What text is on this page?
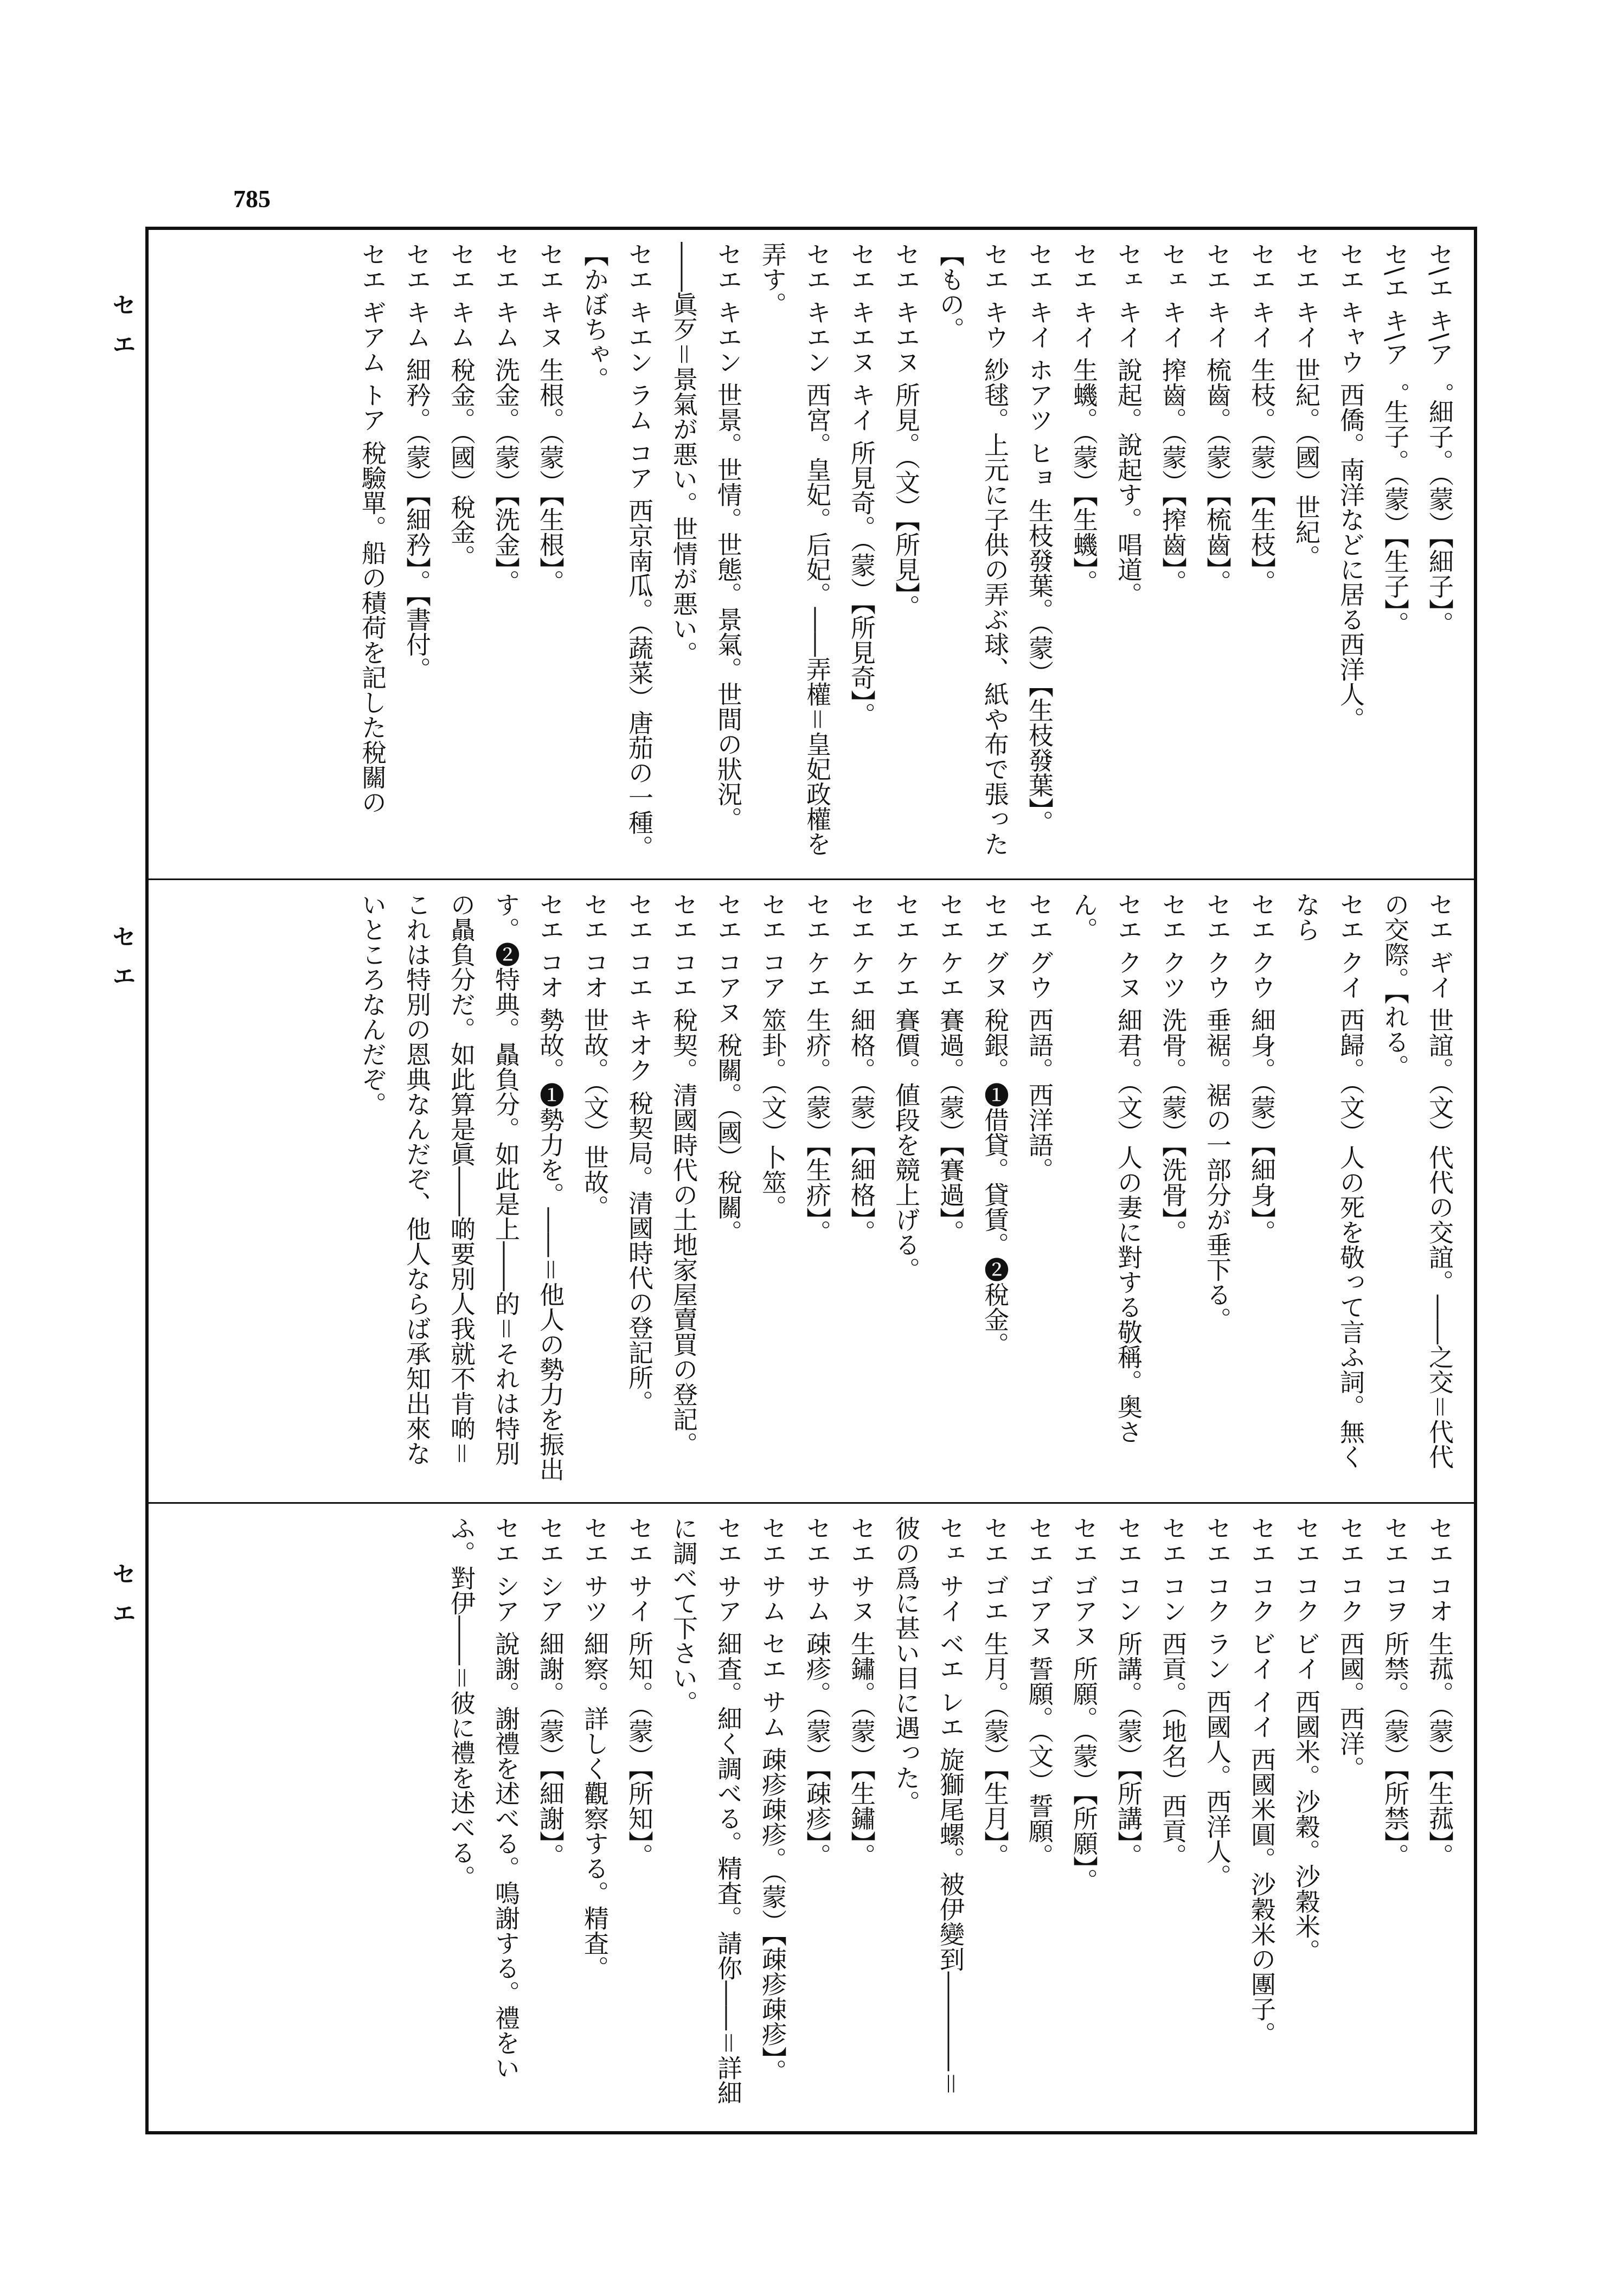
785
セエ
セエ
セエ

セ\エ キ\ア゜ 細子。（蒙）【細子】。

セ\エ キ\ア゜ 生子。（蒙）【生子】。

セエ キャウ 西僑。南洋などに居る西洋人。

セエ キイ 世紀。（國）世紀。

セエ キイ 生枝。（蒙）【生枝】。

セエ キイ 梳齒。（蒙）【梳齒】。

セェ キイ 搾齒。（蒙）【搾齒】。

セェ キイ 說起。說起す。唱道。

セエ キイ 生蟣。（蒙）【生蟣】。

セエ キイ ホアツ ヒョ 生枝發葉。（蒙）【生枝發葉】。

セエ キウ 紗毬。上元に子供の弄ぶ球、紙や布で張った【もの。

セエ キエヌ 所見。（文）【所見】。

セエ キエヌ キイ 所見奇。（蒙）【所見奇】。

セエ キエン 西宮。皇妃。后妃。――弄權＝皇妃政權を弄す。

セエ キエン 世景。世情。世態。景氣。世間の狀況。――眞歹＝景氣が悪い。世情が悪い。

セエ キエン ラム コア 西京南瓜。（蔬菜）唐茄の一種。【かぼちゃ。

セエ キヌ 生根。（蒙）【生根】。

セエ キム 洗金。（蒙）【洗金】。

セエ キム 稅金。（國）稅金。

セエ キム 細矜。（蒙）【細矜】。【書付。

セエ ギアム トア 稅驗單。船の積荷を記した稅關の

セエ ギイ 世誼。（文）代代の交誼。――之交＝代代の交際。【れる。

セエ クイ 西歸。（文）人の死を敬って言ふ詞。無くなら

セエ クウ 細身。（蒙）【細身】。

セエ クウ 垂裾。裾の一部分が垂下る。

セエ クツ 洗骨。（蒙）【洗骨】。

セエ クヌ 細君。（文）人の妻に對する敬稱。奥さん。

セエ グウ 西語。西洋語。

セエ グヌ 稅銀。❶借貸。貸賃。❷稅金。

セエ ケエ 賽過。（蒙）【賽過】。

セエ ケエ 賽價。値段を競上げる。

セエ ケエ 細格。（蒙）【細格】。

セエ ケエ 生疥。（蒙）【生疥】。

セエ コア 筮卦。（文）卜筮。

セエ コアヌ 稅關。（國）稅關。

セエ コエ 稅契。清國時代の土地家屋賣買の登記。

セエ コエ キオク 稅契局。清國時代の登記所。

セエ コオ 世故。（文）世故。

セエ コオ 勢故。❶勢力を。――＝他人の勢力を振出す。❷特典。贔負分。如此是上――的＝それは特別の贔負分だ。如此算是眞――啲要別人我就不肯啲＝これは特別の恩典なんだぞ、他人ならば承知出來ないところなんだぞ。

セエ コオ 生菰。（蒙）【生菰】。

セエ コヲ 所禁。（蒙）【所禁】。

セエ コク 西國。西洋。

セエ コク ビイ 西國米。沙穀。沙穀米。

セエ コク ビイ イイ 西國米圓。沙穀米の團子。

セエ コク ラン 西國人。西洋人。

セエ コン 西貢。（地名）西貢。

セエ コン 所講。（蒙）【所講】。

セエ ゴアヌ 所願。（蒙）【所願】。

セエ ゴアヌ 誓願。（文）誓願。

セエ ゴエ 生月。（蒙）【生月】。

セェ サイ ベエ レエ 旋獅尾螺。被伊變到――――＝彼の爲に甚い目に遇った。

セエ サヌ 生鏽。（蒙）【生鏽】。

セエ サム 疎疹。（蒙）【疎疹】。

セエ サム セエ サム 疎疹疎疹。（蒙）【疎疹疎疹】。

セエ サア 細査。細く調べる。精査。請你――＝詳細に調べて下さい。

セエ サイ 所知。（蒙）【所知】。

セエ サツ 細察。詳しく觀察する。精査。

セエ シア 細謝。（蒙）【細謝】。

セエ シア 說謝。謝禮を述べる。鳴謝する。禮をいふ。對伊――＝彼に禮を述べる。
